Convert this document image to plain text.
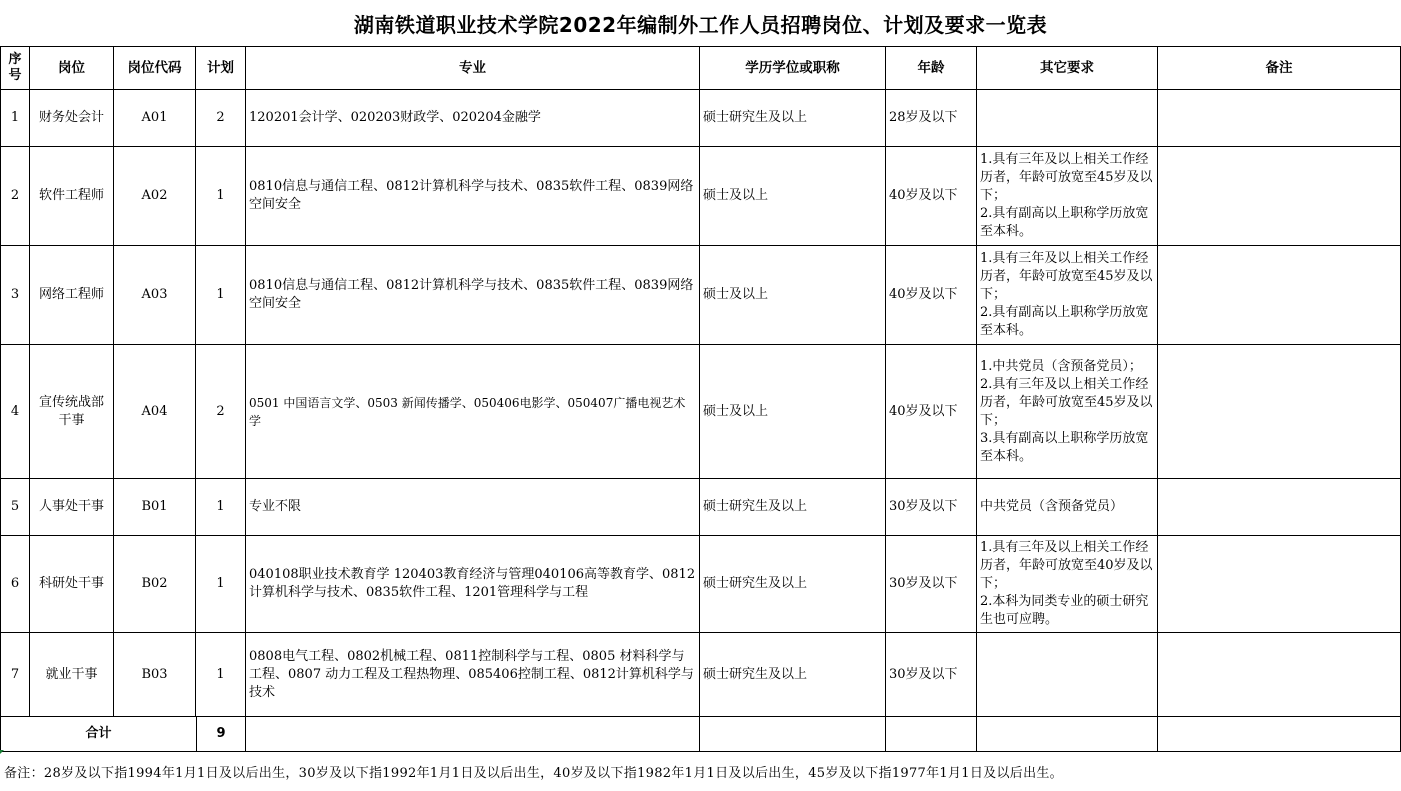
湖南铁道职业技术学院2022年编制外工作人员招聘岗位、计划及要求一览表
序号	岗位	岗位代码	计划	专业	学历学位或职称	年龄	其它要求	备注
1	财务处会计	A01	2	120201会计学、020203财政学、020204金融学	硕士研究生及以上	28岁及以下		
2	软件工程师	A02	1	0810信息与通信工程、0812计算机科学与技术、0835软件工程、0839网络空间安全	硕士及以上	40岁及以下	1.具有三年及以上相关工作经历者，年龄可放宽至45岁及以下；
2.具有副高以上职称学历放宽至本科。	
3	网络工程师	A03	1	0810信息与通信工程、0812计算机科学与技术、0835软件工程、0839网络空间安全	硕士及以上	40岁及以下	1.具有三年及以上相关工作经历者，年龄可放宽至45岁及以下；
2.具有副高以上职称学历放宽至本科。	
4	宣传统战部干事	A04	2	0501 中国语言文学、0503 新闻传播学、050406电影学、050407广播电视艺术学	硕士及以上	40岁及以下	1.中共党员（含预备党员）；
2.具有三年及以上相关工作经历者，年龄可放宽至45岁及以下；
3.具有副高以上职称学历放宽至本科。	
5	人事处干事	B01	1	专业不限	硕士研究生及以上	30岁及以下	中共党员（含预备党员）	
6	科研处干事	B02	1	040108职业技术教育学 120403教育经济与管理040106高等教育学、0812计算机科学与技术、0835软件工程、1201管理科学与工程	硕士研究生及以上	30岁及以下	1.具有三年及以上相关工作经历者，年龄可放宽至40岁及以下；
2.本科为同类专业的硕士研究生也可应聘。	
7	就业干事	B03	1	0808电气工程、0802机械工程、0811控制科学与工程、0805 材料科学与工程、0807 动力工程及工程热物理、085406控制工程、0812计算机科学与技术	硕士研究生及以上	30岁及以下		

合计 9								

备注：28岁及以下指1994年1月1日及以后出生，30岁及以下指1992年1月1日及以后出生，40岁及以下指1982年1月1日及以后出生，45岁及以下指1977年1月1日及以后出生。
